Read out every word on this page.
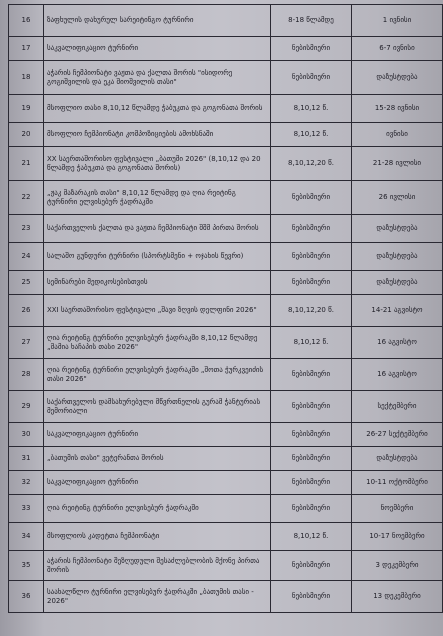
16	ზაფხულის დახურულ სარეიტინგო ტურნირი	8-18 წლამდე	1 ივნისი
17	საკვალიფიკაციო ტურნირი	ნებისმიერი	6-7 ივნისი
18	აჭარის ჩემპიონატი ვაჟთა და ქალთა შორის "ისიდორე გოგიშვილის და ეკა შიოშვილის თასი"	ნებისმიერი	დაზუსტდება
19	მსოფლიო თასი 8,10,12 წლამდე ჭაბუკთა და გოგონათა შორის	8,10,12 წ.	15-28 ივნისი
20	მსოფლიო ჩემპიონატი კომპოზიციების ამოხსნაში	8,10,12 წ.	ივნისი
21	XX საერთაშორისო ფესტივალი „ბათუმი 2026" (8,10,12 და 20 წლამდე ჭაბუკთა და გოგონათა შორის)	8,10,12,20 წ.	21-28 ივლისი
22	„ჟაკ მაზარაკის თასი" 8,10,12 წლამდე და ღია რეიტინგ ტურნირი ელვისებურ ჭადრაკში	ნებისმიერი	26 ივლისი
23	საქართველოს ქალთა და ვაჟთა ჩემპიონატი შშმ პირთა შორის	ნებისმიერი	დაზუსტდება
24	სალაშო გუნდური ტურნირი (სპორტსმენი + ოჯახის წევრი)	ნებისმიერი	დაზუსტდება
25	სემინარები მედიკოსებისთვის	ნებისმიერი	დაზუსტდება
26	XXI საერთაშორისო ფესტივალი „შავი ზღვის დელფინი 2026"	8,10,12,20 წ.	14-21 აგვისტო
27	ღია რეიტინგ ტურნირი ელვისებურ ჭადრაკში 8,10,12 წლამდე „მამია ხაჩაპის თასი 2026"	8,10,12 წ.	16 აგვისტო
28	ღია რეიტინგ ტურნირი ელვისებურ ჭადრაკში „შოთა ჭურკვეიძის თასი 2026"	ნებისმიერი	16 აგვისტო
29	საქართველოს დამსახურებული მწვრთნელის გურამ ჭანტურიას მემორიალი	ნებისმიერი	სექტემბერი
30	საკვალიფიკაციო ტურნირი	ნებისმიერი	26-27 სექტემბერი
31	„ბათუმის თასი" ვეტერანთა შორის	ნებისმიერი	დაზუსტდება
32	საკვალიფიკაციო ტურნირი	ნებისმიერი	10-11 ოქტომბერი
33	ღია რეიტინგ ტურნირი ელვისებურ ჭადრაკში	ნებისმიერი	ნოემბერი
34	მსოფლიოს კადეტთა ჩემპიონატი	8,10,12 წ.	10-17 ნოემბერი
35	აჭარის ჩემპიონატი შეზღუდული შესაძლებლობის მქონე პირთა შორის	ნებისმიერი	3 დეკემბერი
36	საახალწლო ტურნირი ელვისებურ ჭადრაკში „ბათუმის თასი - 2026"	ნებისმიერი	13 დეკემბერი
